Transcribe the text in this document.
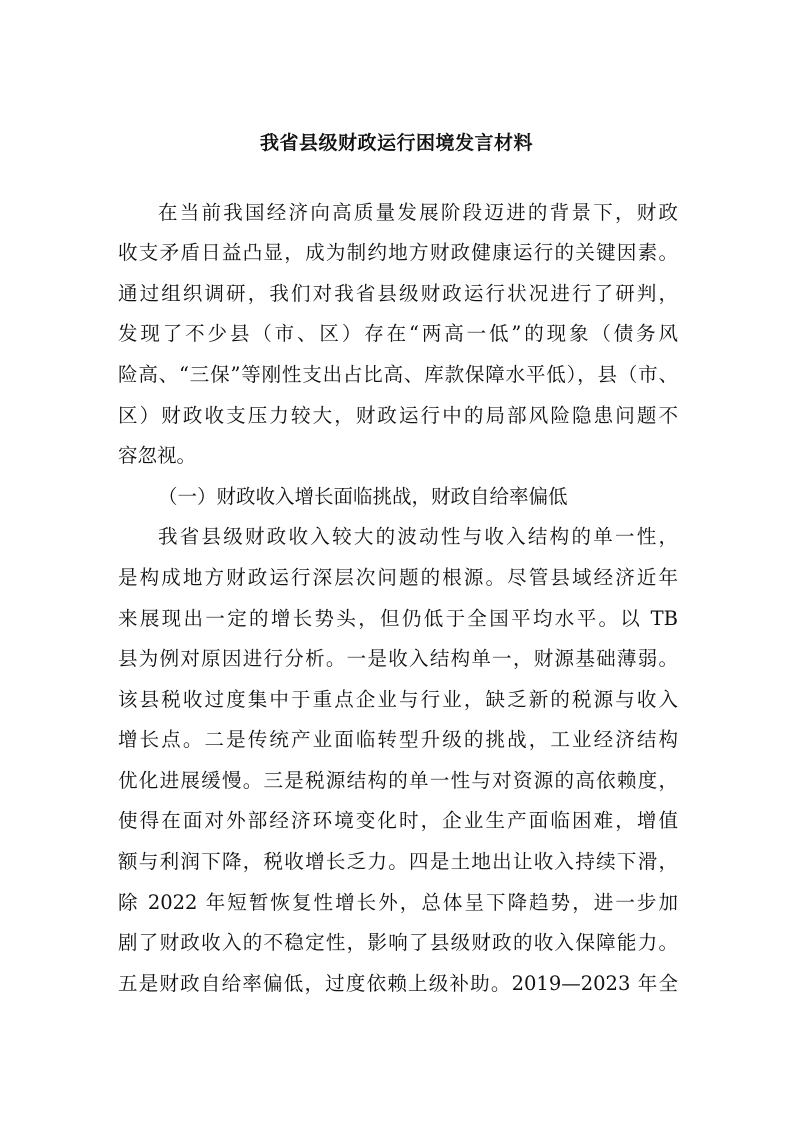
我省县级财政运行困境发言材料
在当前我国经济向高质量发展阶段迈进的背景下，财政
收支矛盾日益凸显，成为制约地方财政健康运行的关键因素。
通过组织调研，我们对我省县级财政运行状况进行了研判，
发现了不少县（市、区）存在“两高一低”的现象（债务风
险高、“三保”等刚性支出占比高、库款保障水平低），县（市、
区）财政收支压力较大，财政运行中的局部风险隐患问题不
容忽视。
（一）财政收入增长面临挑战，财政自给率偏低
我省县级财政收入较大的波动性与收入结构的单一性，
是构成地方财政运行深层次问题的根源。尽管县域经济近年
来展现出一定的增长势头，但仍低于全国平均水平。以 TB
县为例对原因进行分析。一是收入结构单一，财源基础薄弱。
该县税收过度集中于重点企业与行业，缺乏新的税源与收入
增长点。二是传统产业面临转型升级的挑战，工业经济结构
优化进展缓慢。三是税源结构的单一性与对资源的高依赖度，
使得在面对外部经济环境变化时，企业生产面临困难，增值
额与利润下降，税收增长乏力。四是土地出让收入持续下滑，
除 2022 年短暂恢复性增长外，总体呈下降趋势，进一步加
剧了财政收入的不稳定性，影响了县级财政的收入保障能力。
五是财政自给率偏低，过度依赖上级补助。2019—2023 年全
